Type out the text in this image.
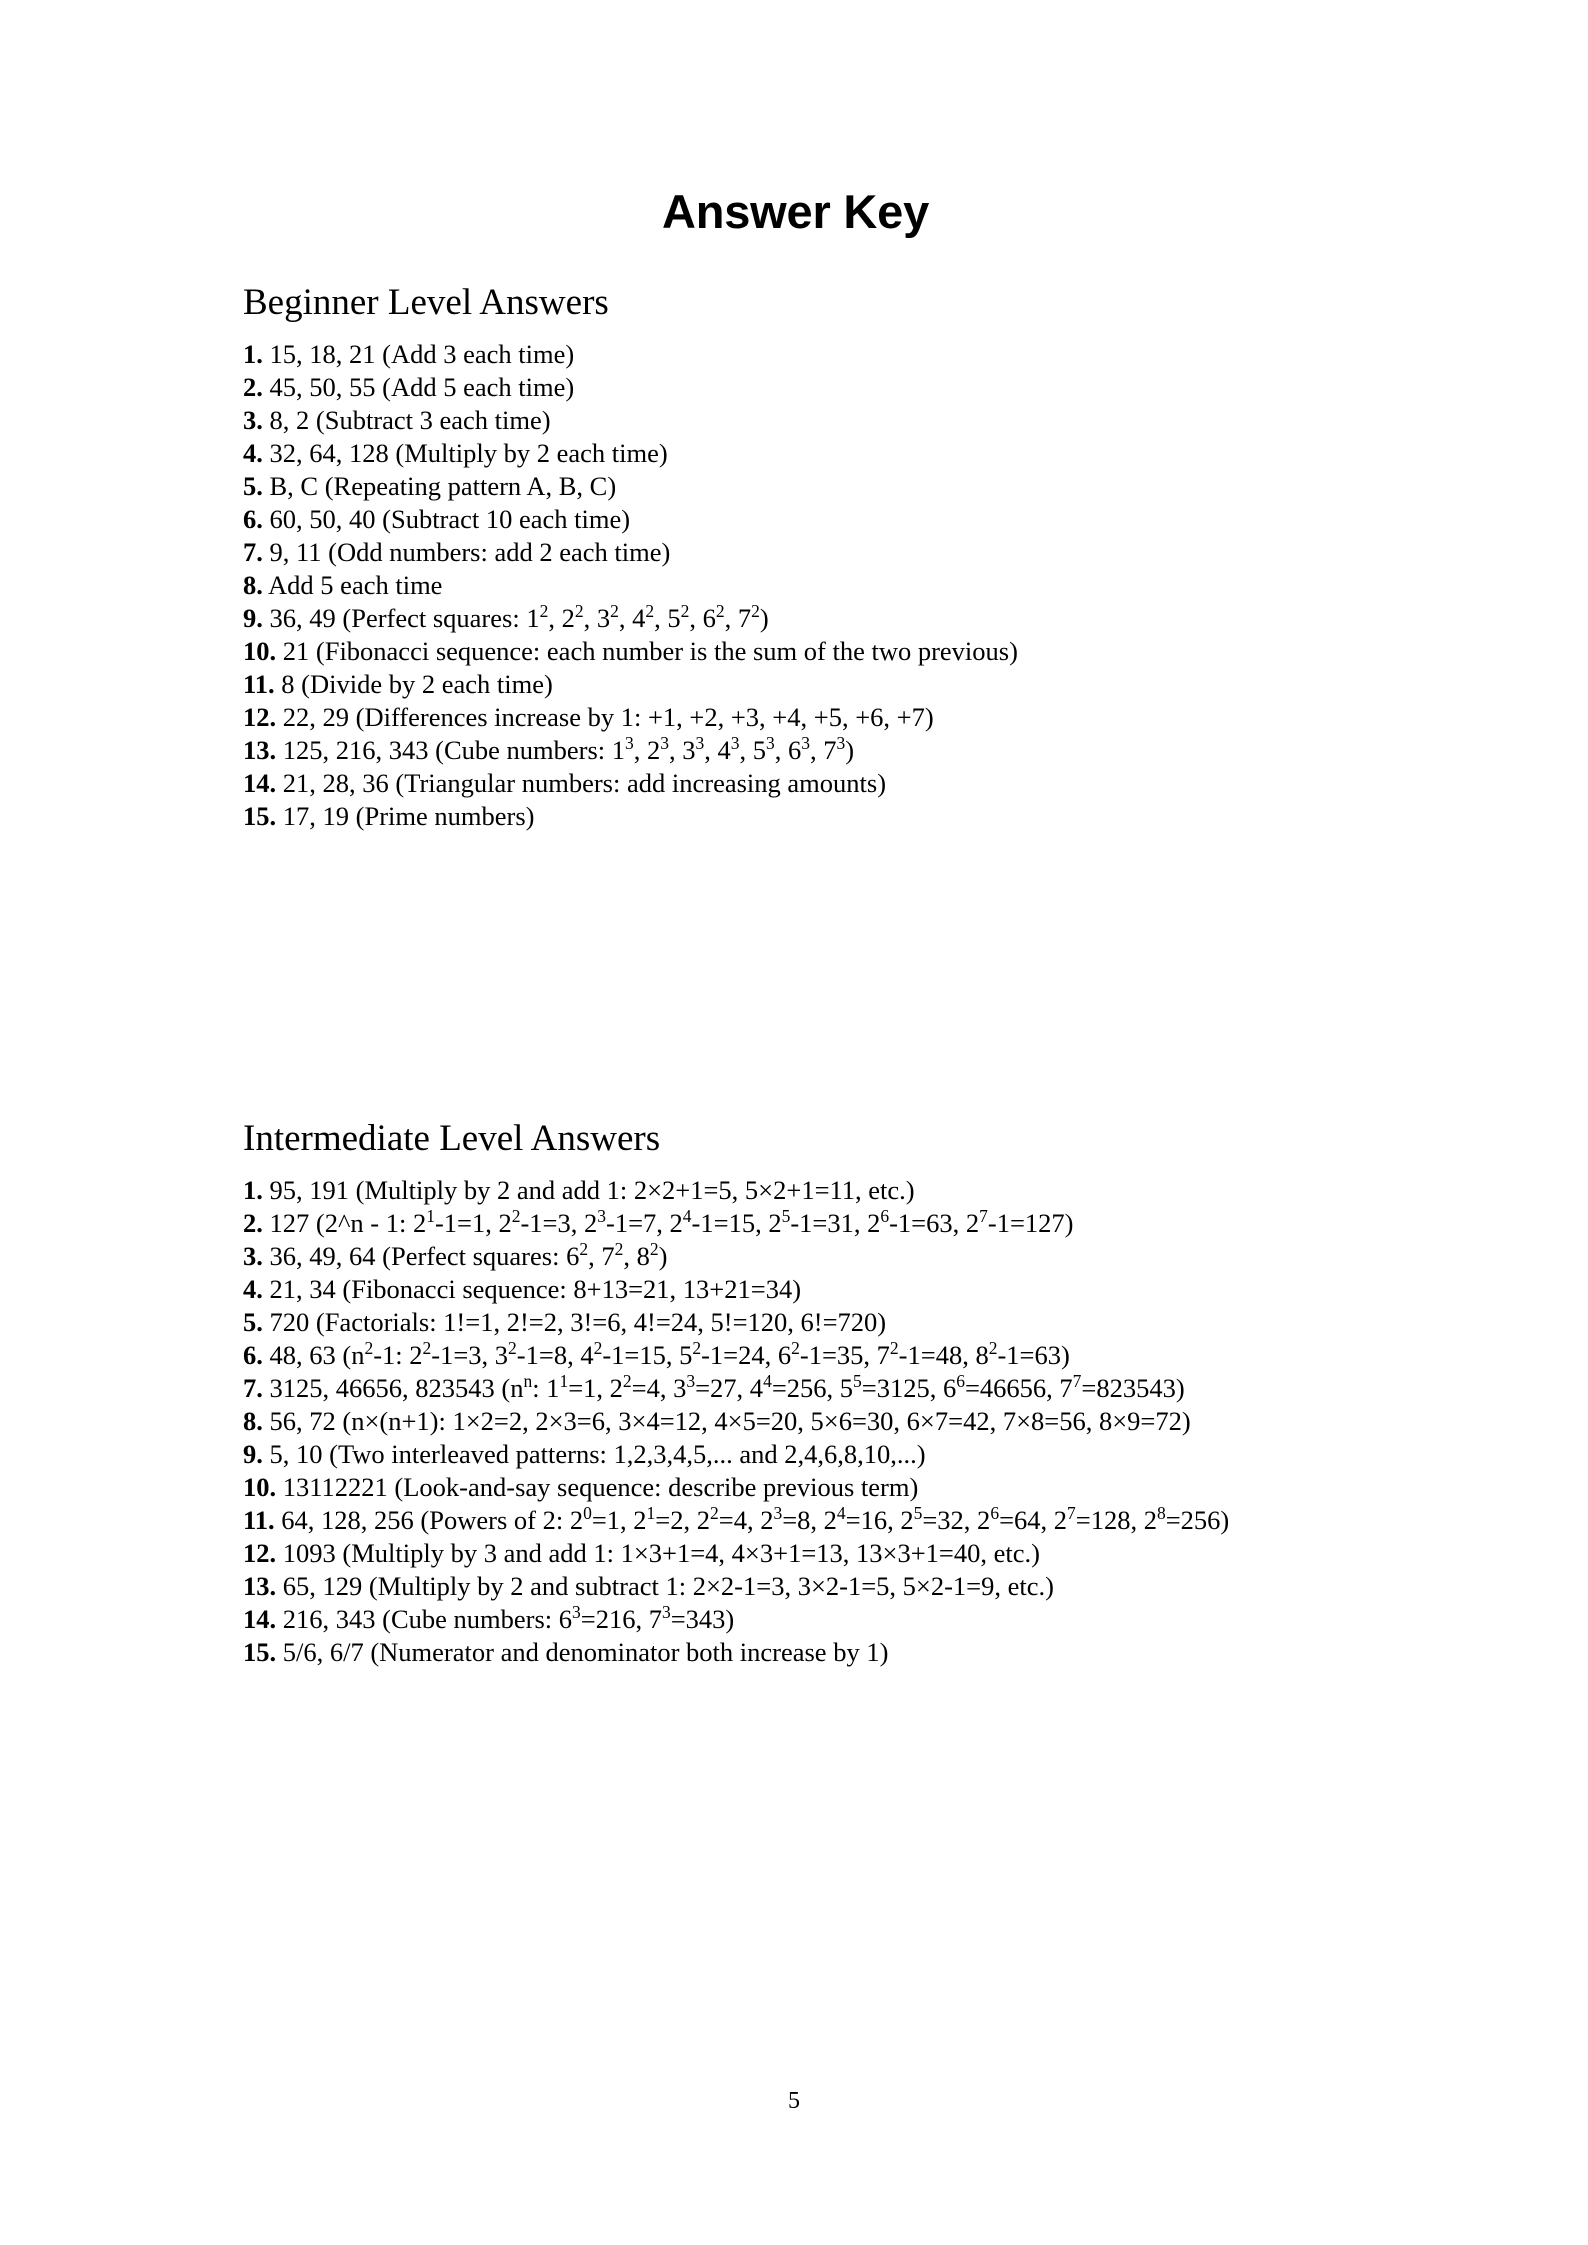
Answer Key
Beginner Level Answers
1. 15, 18, 21 (Add 3 each time)
2. 45, 50, 55 (Add 5 each time)
3. 8, 2 (Subtract 3 each time)
4. 32, 64, 128 (Multiply by 2 each time)
5. B, C (Repeating pattern A, B, C)
6. 60, 50, 40 (Subtract 10 each time)
7. 9, 11 (Odd numbers: add 2 each time)
8. Add 5 each time
9. 36, 49 (Perfect squares: $1^2$, $2^2$, $3^2$, $4^2$, $5^2$, $6^2$, $7^2$)
10. 21 (Fibonacci sequence: each number is the sum of the two previous)
11. 8 (Divide by 2 each time)
12. 22, 29 (Differences increase by 1: +1, +2, +3, +4, +5, +6, +7)
13. 125, 216, 343 (Cube numbers: $1^3$, $2^3$, $3^3$, $4^3$, $5^3$, $6^3$, $7^3$)
14. 21, 28, 36 (Triangular numbers: add increasing amounts)
15. 17, 19 (Prime numbers)
Intermediate Level Answers
1. 95, 191 (Multiply by 2 and add 1: 2×2+1=5, 5×2+1=11, etc.)
2. 127 (2^n - 1: $2^1-1=1$, $2^2-1=3$, $2^3-1=7$, $2^4-1=15$, $2^5-1=31$, $2^6-1=63$, $2^7-1=127$)
3. 36, 49, 64 (Perfect squares: $6^2$, $7^2$, $8^2$)
4. 21, 34 (Fibonacci sequence: 8+13=21, 13+21=34)
5. 720 (Factorials: 1!=1, 2!=2, 3!=6, 4!=24, 5!=120, 6!=720)
6. 48, 63 ($n^2-1$: $2^2-1=3$, $3^2-1=8$, $4^2-1=15$, $5^2-1=24$, $6^2-1=35$, $7^2-1=48$, $8^2-1=63$)
7. 3125, 46656, 823543 ($n^n$: $1^1=1$, $2^2=4$, $3^3=27$, $4^4=256$, $5^5=3125$, $6^6=46656$, $7^7=823543$)
8. 56, 72 (n×(n+1): 1×2=2, 2×3=6, 3×4=12, 4×5=20, 5×6=30, 6×7=42, 7×8=56, 8×9=72)
9. 5, 10 (Two interleaved patterns: 1,2,3,4,5,... and 2,4,6,8,10,...)
10. 13112221 (Look-and-say sequence: describe previous term)
11. 64, 128, 256 (Powers of 2: $2^0=1$, $2^1=2$, $2^2=4$, $2^3=8$, $2^4=16$, $2^5=32$, $2^6=64$, $2^7=128$, $2^8=256$)
12. 1093 (Multiply by 3 and add 1: 1×3+1=4, 4×3+1=13, 13×3+1=40, etc.)
13. 65, 129 (Multiply by 2 and subtract 1: 2×2-1=3, 3×2-1=5, 5×2-1=9, etc.)
14. 216, 343 (Cube numbers: $6^3=216$, $7^3=343$)
15. 5/6, 6/7 (Numerator and denominator both increase by 1)
5
